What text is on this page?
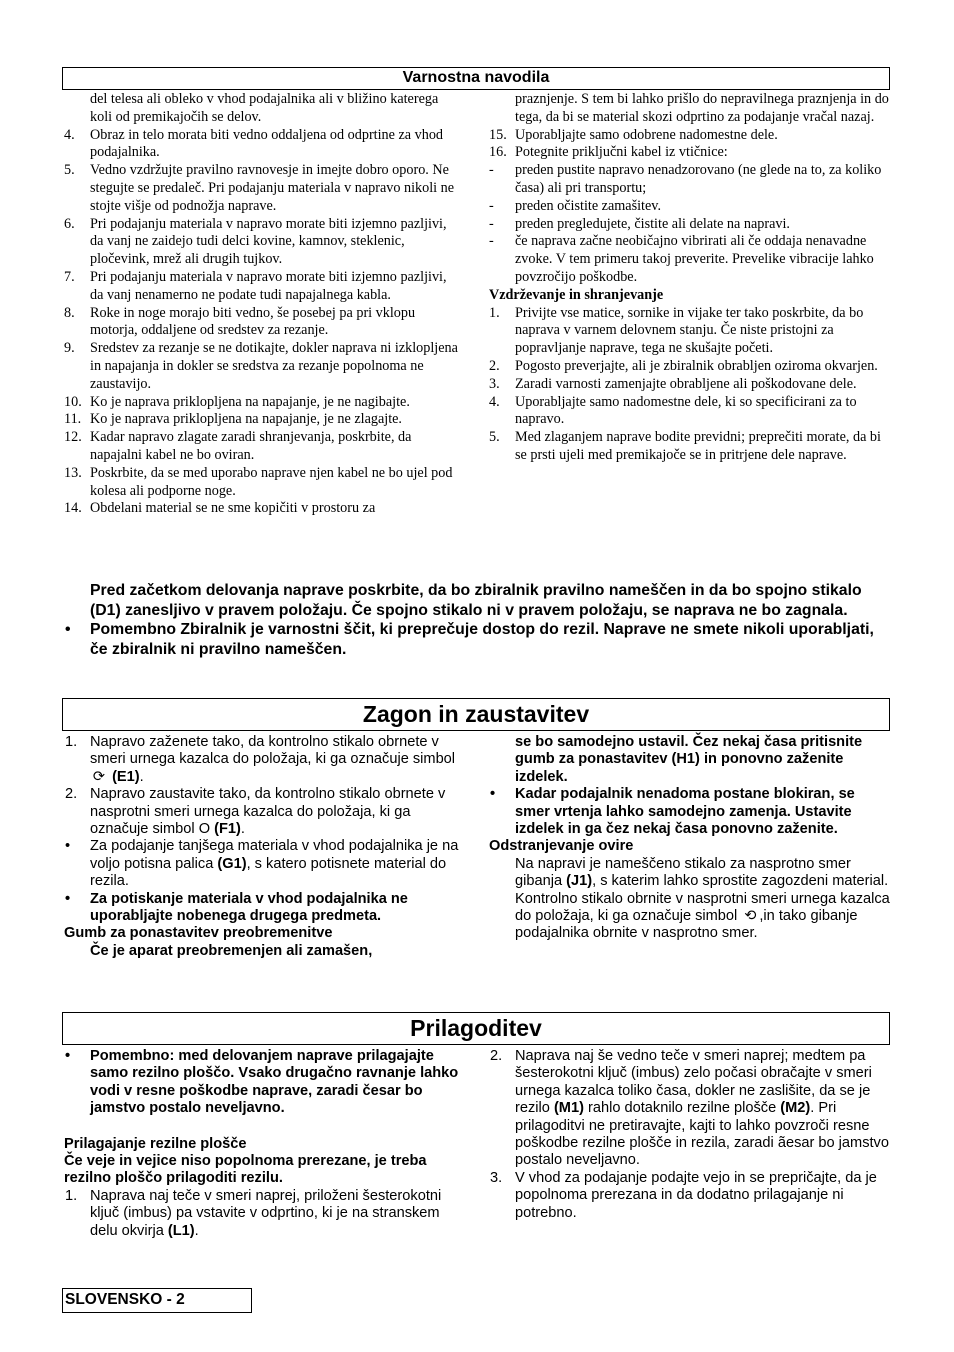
Varnostna navodila
del telesa ali obleko v vhod podajalnika ali v bližino katerega koli od premikajočih se delov.
4.	Obraz in telo morata biti vedno oddaljena od odprtine za vhod podajalnika.
5.	Vedno vzdržujte pravilno ravnovesje in imejte dobro oporo. Ne stegujte se predaleč. Pri podajanju materiala v napravo nikoli ne stojte višje od podnožja naprave.
6.	Pri podajanju materiala v napravo morate biti izjemno pazljivi, da vanj ne zaidejo tudi delci kovine, kamnov, steklenic, pločevink, mrež ali drugih tujkov.
7.	Pri podajanju materiala v napravo morate biti izjemno pazljivi, da vanj nenamerno ne podate tudi napajalnega kabla.
8.	Roke in noge morajo biti vedno, še posebej pa pri vklopu motorja, oddaljene od sredstev za rezanje.
9.	Sredstev za rezanje se ne dotikajte, dokler naprava ni izklopljena in napajanja in dokler se sredstva za rezanje popolnoma ne zaustavijo.
10. Ko je naprava priklopljena na napajanje, je ne nagibajte.
11. Ko je naprava priklopljena na napajanje, je ne zlagajte.
12. Kadar napravo zlagate zaradi shranjevanja, poskrbite, da napajalni kabel ne bo oviran.
13. Poskrbite, da se med uporabo naprave njen kabel ne bo ujel pod kolesa ali podporne noge.
14. Obdelani material se ne sme kopičiti v prostoru za
praznjenje. S tem bi lahko prišlo do nepravilnega praznjenja in do tega, da bi se material skozi odprtino za podajanje vračal nazaj.
15. Uporabljajte samo odobrene nadomestne dele.
16. Potegnite priključni kabel iz vtičnice:
-	preden pustite napravo nenadzorovano (ne glede na to, za koliko časa) ali pri transportu;
-	preden očistite zamašitev.
-	preden pregledujete, čistite ali delate na napravi.
-	če naprava začne neobičajno vibrirati ali če oddaja nenavadne zvoke. V tem primeru takoj preverite. Prevelike vibracije lahko povzročijo poškodbe.
Vzdrževanje in shranjevanje
1.	Privijte vse matice, sornike in vijake ter tako poskrbite, da bo naprava v varnem delovnem stanju. Če niste pristojni za popravljanje naprave, tega ne skušajte početi.
2.	Pogosto preverjajte, ali je zbiralnik obrabljen oziroma okvarjen.
3.	Zaradi varnosti zamenjajte obrabljene ali poškodovane dele.
4.	Uporabljajte samo nadomestne dele, ki so specificirani za to napravo.
5.	Med zlaganjem naprave bodite previdni; preprečiti morate, da bi se prsti ujeli med premikajoče se in pritrjene dele naprave.
Pred začetkom delovanja naprave poskrbite, da bo zbiralnik pravilno nameščen in da bo spojno stikalo (D1) zanesljivo v pravem položaju. Če spojno stikalo ni v pravem položaju, se naprava ne bo zagnala.
• Pomembno Zbiralnik je varnostni ščit, ki preprečuje dostop do rezil. Naprave ne smete nikoli uporabljati, če zbiralnik ni pravilno nameščen.
Zagon in zaustavitev
1. Napravo zaženete tako, da kontrolno stikalo obrnete v smeri urnega kazalca do položaja, ki ga označuje simbol ⟳ (E1).
2. Napravo zaustavite tako, da kontrolno stikalo obrnete v nasprotni smeri urnega kazalca do položaja, ki ga označuje simbol O (F1).
•	Za podajanje tanjšega materiala v vhod podajalnika je na voljo potisna palica (G1), s katero potisnete material do rezila.
•	Za potiskanje materiala v vhod podajalnika ne uporabljajte nobenega drugega predmeta.
Gumb za ponastavitev preobremenitve
Če je aparat preobremenjen ali zamašen,
se bo samodejno ustavil. Čez nekaj časa pritisnite gumb za ponastavitev (H1) in ponovno zaženite izdelek.
•	Kadar podajalnik nenadoma postane blokiran, se smer vrtenja lahko samodejno zamenja. Ustavite izdelek in ga čez nekaj časa ponovno zaženite.
Odstranjevanje ovire
Na napravi je nameščeno stikalo za nasprotno smer gibanja (J1), s katerim lahko sprostite zagozdeni material. Kontrolno stikalo obrnite v nasprotni smeri urnega kazalca do položaja, ki ga označuje simbol ⟲ ,in tako gibanje podajalnika obrnite v nasprotno smer.
Prilagoditev
•	Pomembno: med delovanjem naprave prilagajajte samo rezilno ploščo. Vsako drugačno ravnanje lahko vodi v resne poškodbe naprave, zaradi česar bo jamstvo postalo neveljavno.
Prilagajanje rezilne plošče
Če veje in vejice niso popolnoma prerezane, je treba rezilno ploščo prilagoditi rezilu.
1. Naprava naj teče v smeri naprej, priloženi šesterokotni ključ (imbus) pa vstavite v odprtino, ki je na stranskem delu okvirja (L1).
2. Naprava naj še vedno teče v smeri naprej; medtem pa šesterokotni ključ (imbus) zelo počasi obračajte v smeri urnega kazalca toliko časa, dokler ne zaslišite, da se je rezilo (M1) rahlo dotaknilo rezilne plošče (M2). Pri prilagoditvi ne pretiravajte, kajti to lahko povzroči resne poškodbe rezilne plošče in rezila, zaradi ãesar bo jamstvo postalo neveljavno.
3. V vhod za podajanje podajte vejo in se prepričajte, da je popolnoma prerezana in da dodatno prilagajanje ni potrebno.
SLOVENSKO - 2
